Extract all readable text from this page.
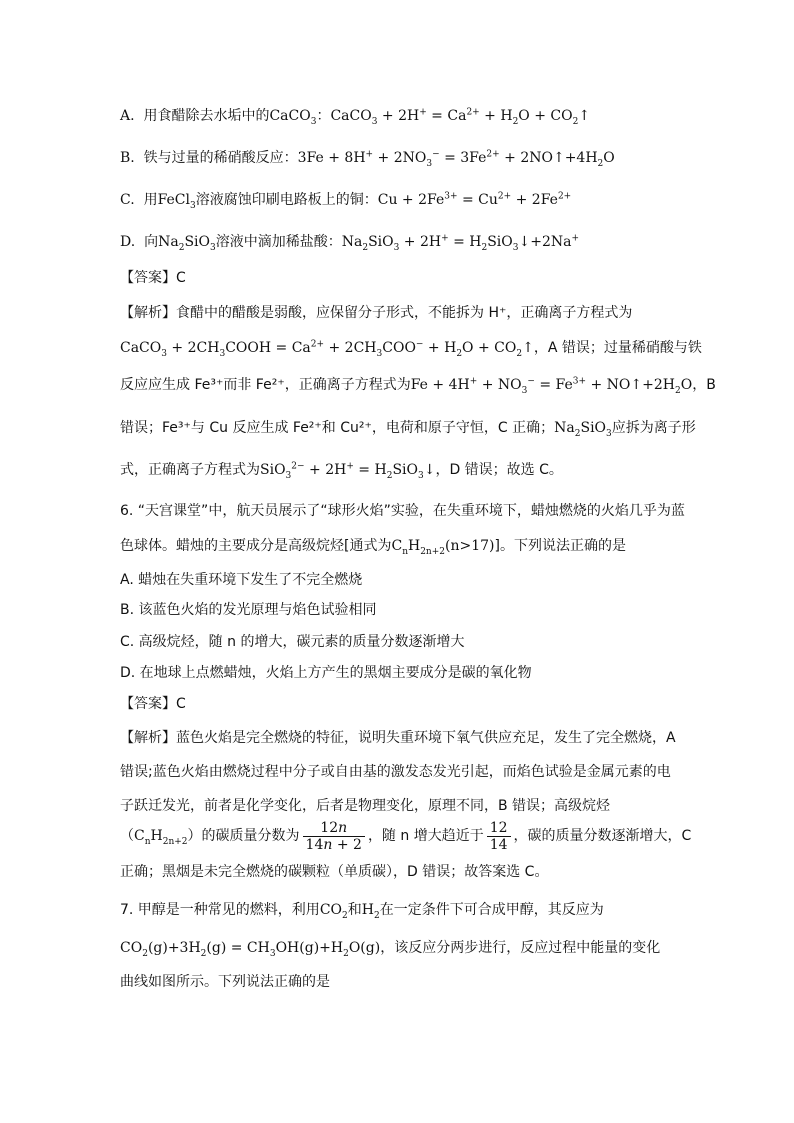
A. 用食醋除去水垢中的CaCO$_3$：CaCO$_3$ + $2H^+ = Ca^{2+} + H_2O$ + $CO_2↑$
B. 铁与过量的稀硝酸反应：$3Fe + 8H^+ + 2NO_3^- = 3Fe^{2+}$ + $2NO↑+4H_2O$
C. 用FeCl$_3$溶液腐蚀印刷电路板上的铜：$Cu + 2Fe^{3+} = Cu^{2+} + 2Fe^{2+}$
D. 向$Na_2SiO_3$溶液中滴加稀盐酸：$Na_2SiO_3 + 2H^+$ = $H_2SiO_3↓+2Na^+$
【答案】C
【解析】食醋中的醋酸是弱酸，应保留分子形式，不能拆为 H⁺，正确离子方程式为
CaCO$_3$ + $2CH_3COOH = Ca^{2+} + 2CH_3COO^- + H_2O$ + $CO_2↑$，A 错误；过量稀硝酸与铁
反应应生成 Fe³⁺而非 Fe²⁺，正确离子方程式为$Fe + 4H^+ + NO_3^- = Fe^{3+}$ + $NO↑+2H_2O$，B
错误；Fe³⁺与 Cu 反应生成 Fe²⁺和 Cu²⁺，电荷和原子守恒，C 正确；$Na_2SiO_3$应拆为离子形
式，正确离子方程式为$SiO_3^{2-} + 2H^+ = H_2SiO_3↓$，D 错误；故选 C。
6. “天宫课堂”中，航天员展示了“球形火焰”实验，在失重环境下，蜡烛燃烧的火焰几乎为蓝
色球体。蜡烛的主要成分是高级烷烃[通式为$C_nH_{2n+2}(n>17)$]。下列说法正确的是
A. 蜡烛在失重环境下发生了不完全燃烧
B. 该蓝色火焰的发光原理与焰色试验相同
C. 高级烷烃，随 n 的增大，碳元素的质量分数逐渐增大
D. 在地球上点燃蜡烛，火焰上方产生的黑烟主要成分是碳的氧化物
【答案】C
【解析】蓝色火焰是完全燃烧的特征，说明失重环境下氧气供应充足，发生了完全燃烧，A
错误;蓝色火焰由燃烧过程中分子或自由基的激发态发光引起，而焰色试验是金属元素的电
子跃迁发光，前者是化学变化，后者是物理变化，原理不同，B 错误；高级烷烃
$(C_nH_{2n+2})$的碳质量分数为 $\frac{12n}{14n + 2}$ ，随 n 增大趋近于 $\frac{12}{14}$ ，碳的质量分数逐渐增大，C
正确；黑烟是未完全燃烧的碳颗粒（单质碳），D 错误；故答案选 C。
7. 甲醇是一种常见的燃料，利用$CO_2$和$H_2$在一定条件下可合成甲醇，其反应为
$CO_2(g)+3H_2(g) = CH_3OH(g)+H_2O(g)$，该反应分两步进行，反应过程中能量的变化
曲线如图所示。下列说法正确的是
